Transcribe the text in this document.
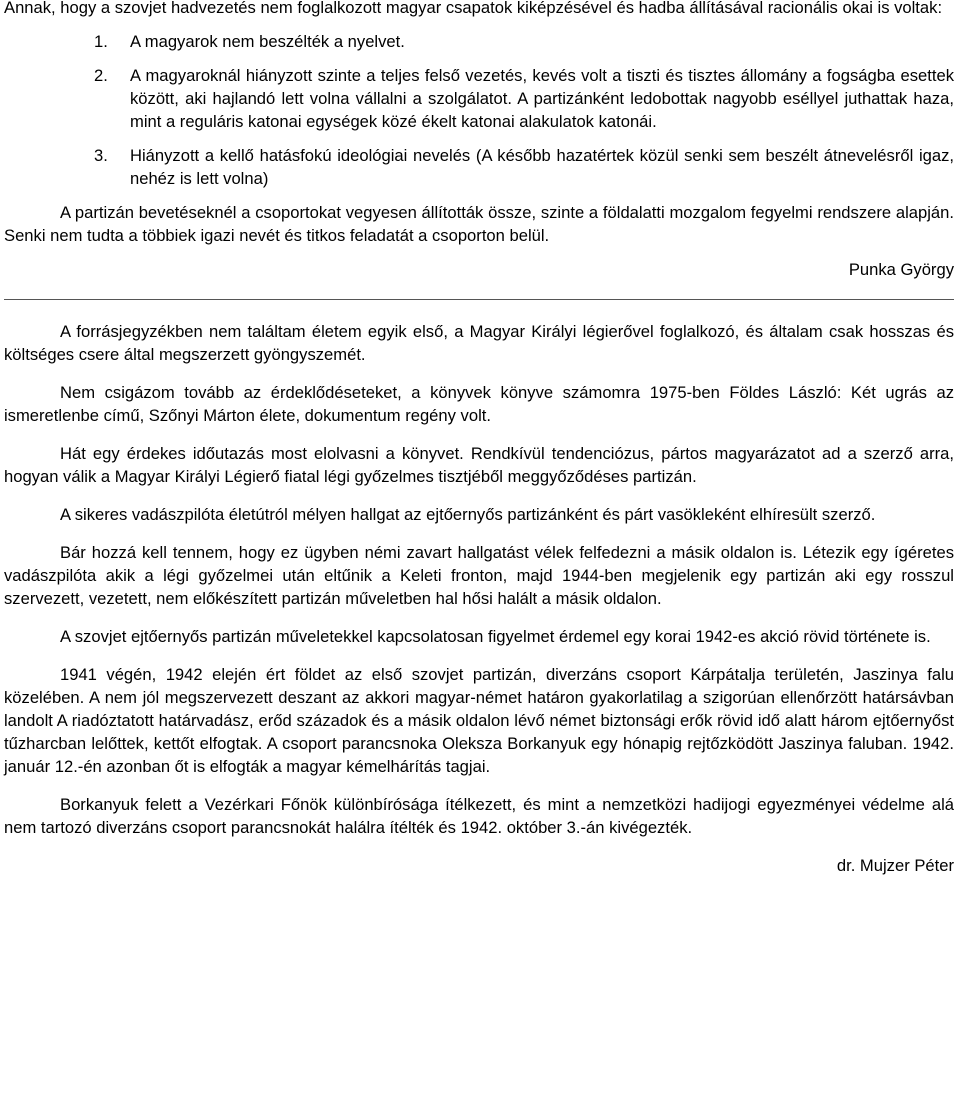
Annak, hogy a szovjet hadvezetés nem foglalkozott magyar csapatok kiképzésével és hadba állításával racionális okai is voltak:

1.	A magyarok nem beszélték a nyelvet.
2.	A magyaroknál hiányzott szinte a teljes felső vezetés, kevés volt a tiszti és tisztes állomány a fogságba esettek között, aki hajlandó lett volna vállalni a szolgálatot. A partizánként ledobottak nagyobb eséllyel juthattak haza, mint a reguláris katonai egységek közé ékelt katonai alakulatok katonái.
3.	Hiányzott a kellő hatásfokú ideológiai nevelés (A később hazatértek közül senki sem beszélt átnevelésről igaz, nehéz is lett volna)

A partizán bevetéseknél a csoportokat vegyesen állították össze, szinte a földalatti mozgalom fegyelmi rendszere alapján. Senki nem tudta a többiek igazi nevét és titkos feladatát a csoporton belül.

Punka György

A forrásjegyzékben nem találtam életem egyik első, a Magyar Királyi légierővel foglalkozó, és általam csak hosszas és költséges csere által megszerzett gyöngyszemét.

Nem csigázom tovább az érdeklődéseteket, a könyvek könyve számomra 1975-ben Földes László: Két ugrás az ismeretlenbe című, Szőnyi Márton élete, dokumentum regény volt.

Hát egy érdekes időutazás most elolvasni a könyvet. Rendkívül tendenciózus, pártos magyarázatot ad a szerző arra, hogyan válik a Magyar Királyi Légierő fiatal légi győzelmes tisztjéből meggyőződéses partizán.

A sikeres vadászpilóta életútról mélyen hallgat az ejtőernyős partizánként és párt vasökleként elhíresült szerző.

Bár hozzá kell tennem, hogy ez ügyben némi zavart hallgatást vélek felfedezni a másik oldalon is. Létezik egy ígéretes vadászpilóta akik a légi győzelmei után eltűnik a Keleti fronton, majd 1944-ben megjelenik egy partizán aki egy rosszul szervezett, vezetett, nem előkészített partizán műveletben hal hősi halált a másik oldalon.

A szovjet ejtőernyős partizán műveletekkel kapcsolatosan figyelmet érdemel egy korai 1942-es akció rövid története is.

1941 végén, 1942 elején ért földet az első szovjet partizán, diverzáns csoport Kárpátalja területén, Jaszinya falu közelében. A nem jól megszervezett deszant az akkori magyar-német határon gyakorlatilag a szigorúan ellenőrzött határsávban landolt A riadóztatott határvadász, erőd századok és a másik oldalon lévő német biztonsági erők rövid idő alatt három ejtőernyőst tűzharcban lelőttek, kettőt elfogtak. A csoport parancsnoka Oleksza Borkanyuk egy hónapig rejtőzködött Jaszinya faluban. 1942. január 12.-én azonban őt is elfogták a magyar kémelhárítás tagjai.

Borkanyuk felett a Vezérkari Főnök különbírósága ítélkezett, és mint a nemzetközi hadijogi egyezményei védelme alá nem tartozó diverzáns csoport parancsnokát halálra ítélték és 1942. október 3.-án kivégezték.

dr. Mujzer Péter
